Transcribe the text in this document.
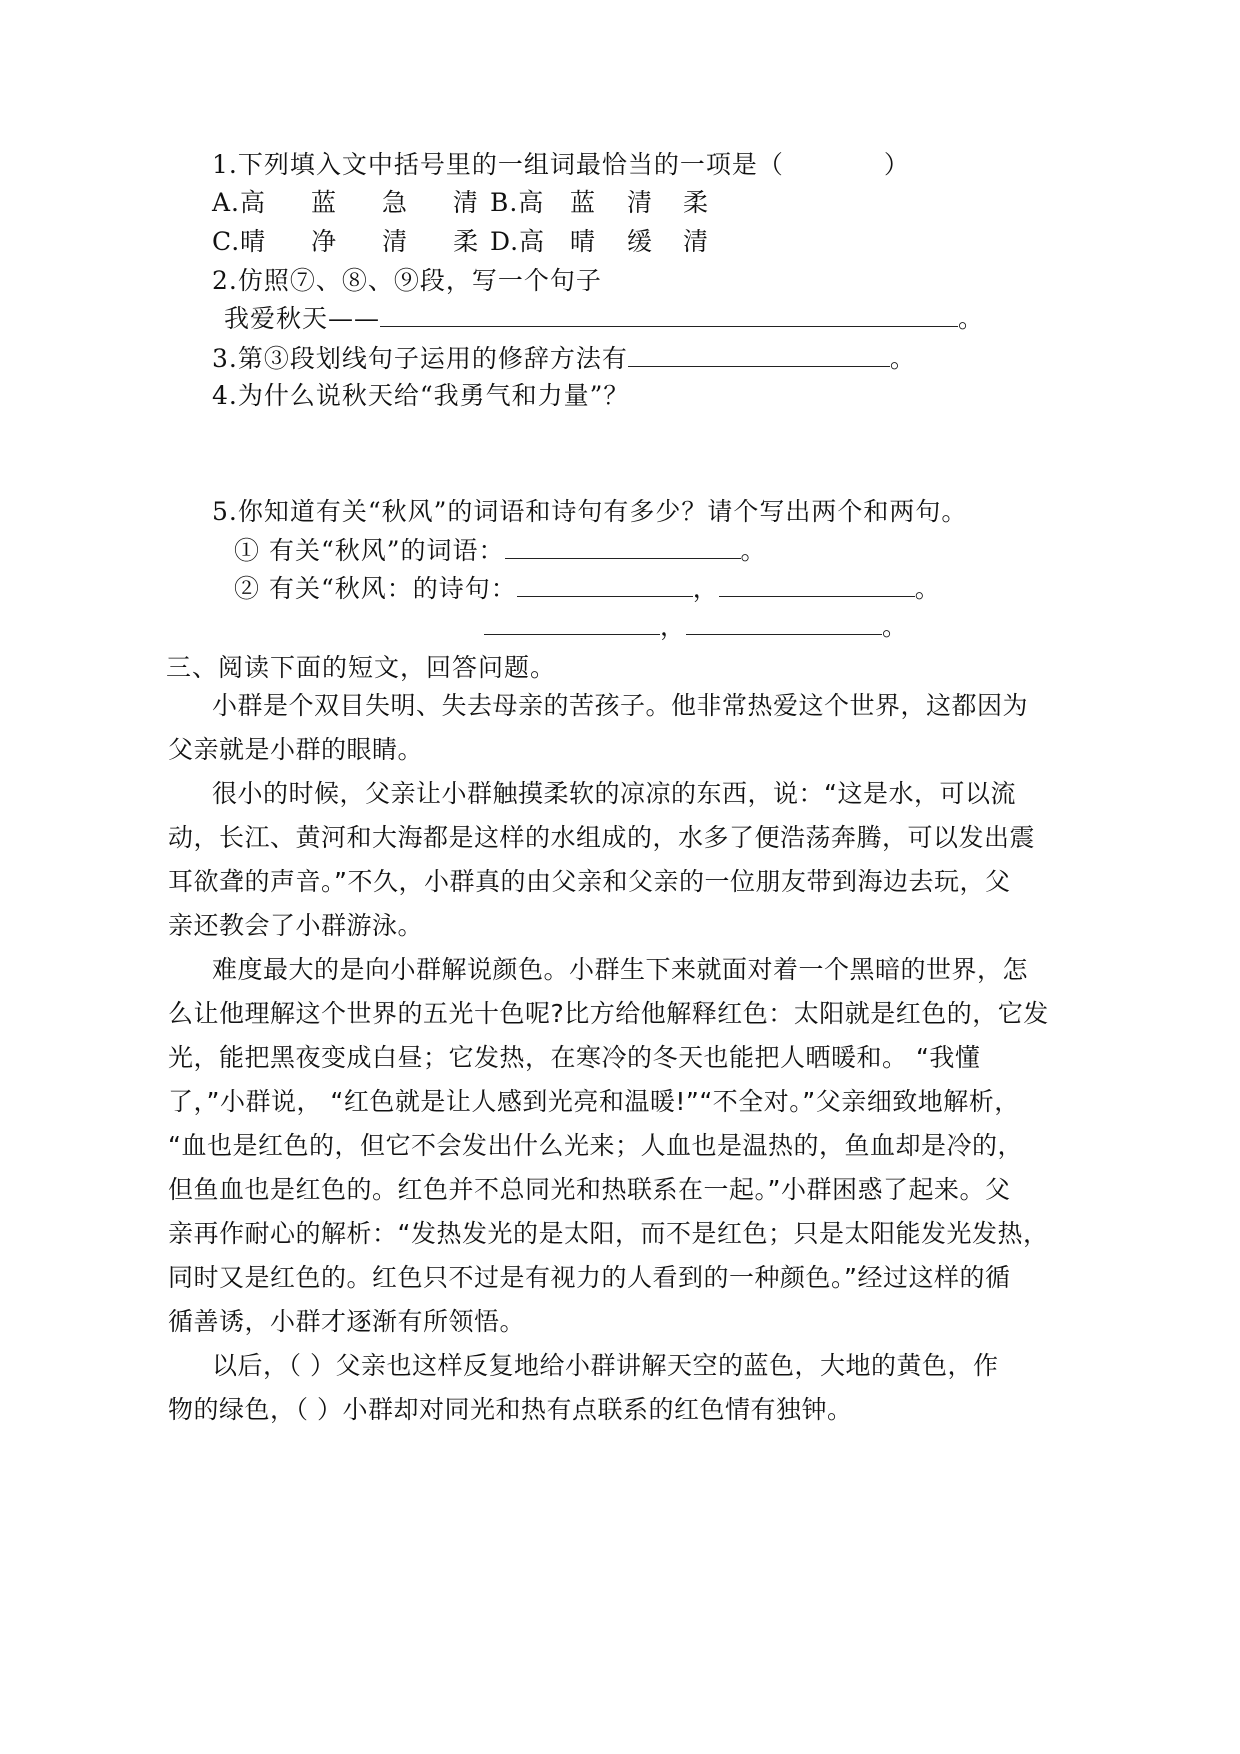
1.下列填入文中括号里的一组词最恰当的一项是（	）
A.高 蓝 急 清 B.高 蓝 清 柔
C.晴 净 清 柔 D.高 晴 缓 清
2.仿照⑦、⑧、⑨段，写一个句子
我爱秋天——	。
3.第③段划线句子运用的修辞方法有	。
4.为什么说秋天给“我勇气和力量”？
5.你知道有关“秋风”的词语和诗句有多少？请个写出两个和两句。
① 有关“秋风”的词语：	。
② 有关“秋风：的诗句：	，	。
，	。
三、阅读下面的短文，回答问题。
小群是个双目失明、失去母亲的苦孩子。他非常热爱这个世界，这都因为
父亲就是小群的眼睛。
很小的时候，父亲让小群触摸柔软的凉凉的东西，说：“这是水，可以流
动，长江、黄河和大海都是这样的水组成的，水多了便浩荡奔腾，可以发出震
耳欲聋的声音。”不久，小群真的由父亲和父亲的一位朋友带到海边去玩，父
亲还教会了小群游泳。
难度最大的是向小群解说颜色。小群生下来就面对着一个黑暗的世界，怎
么让他理解这个世界的五光十色呢?比方给他解释红色：太阳就是红色的，它发
光，能把黑夜变成白昼；它发热，在寒冷的冬天也能把人晒暖和。 “我懂
了，”小群说， “红色就是让人感到光亮和温暖!”“不全对。”父亲细致地解析，
“血也是红色的，但它不会发出什么光来；人血也是温热的，鱼血却是冷的，
但鱼血也是红色的。红色并不总同光和热联系在一起。”小群困惑了起来。父
亲再作耐心的解析：“发热发光的是太阳，而不是红色；只是太阳能发光发热，
同时又是红色的。红色只不过是有视力的人看到的一种颜色。”经过这样的循
循善诱，小群才逐渐有所领悟。
以后，（ ）父亲也这样反复地给小群讲解天空的蓝色，大地的黄色，作
物的绿色，（ ）小群却对同光和热有点联系的红色情有独钟。
